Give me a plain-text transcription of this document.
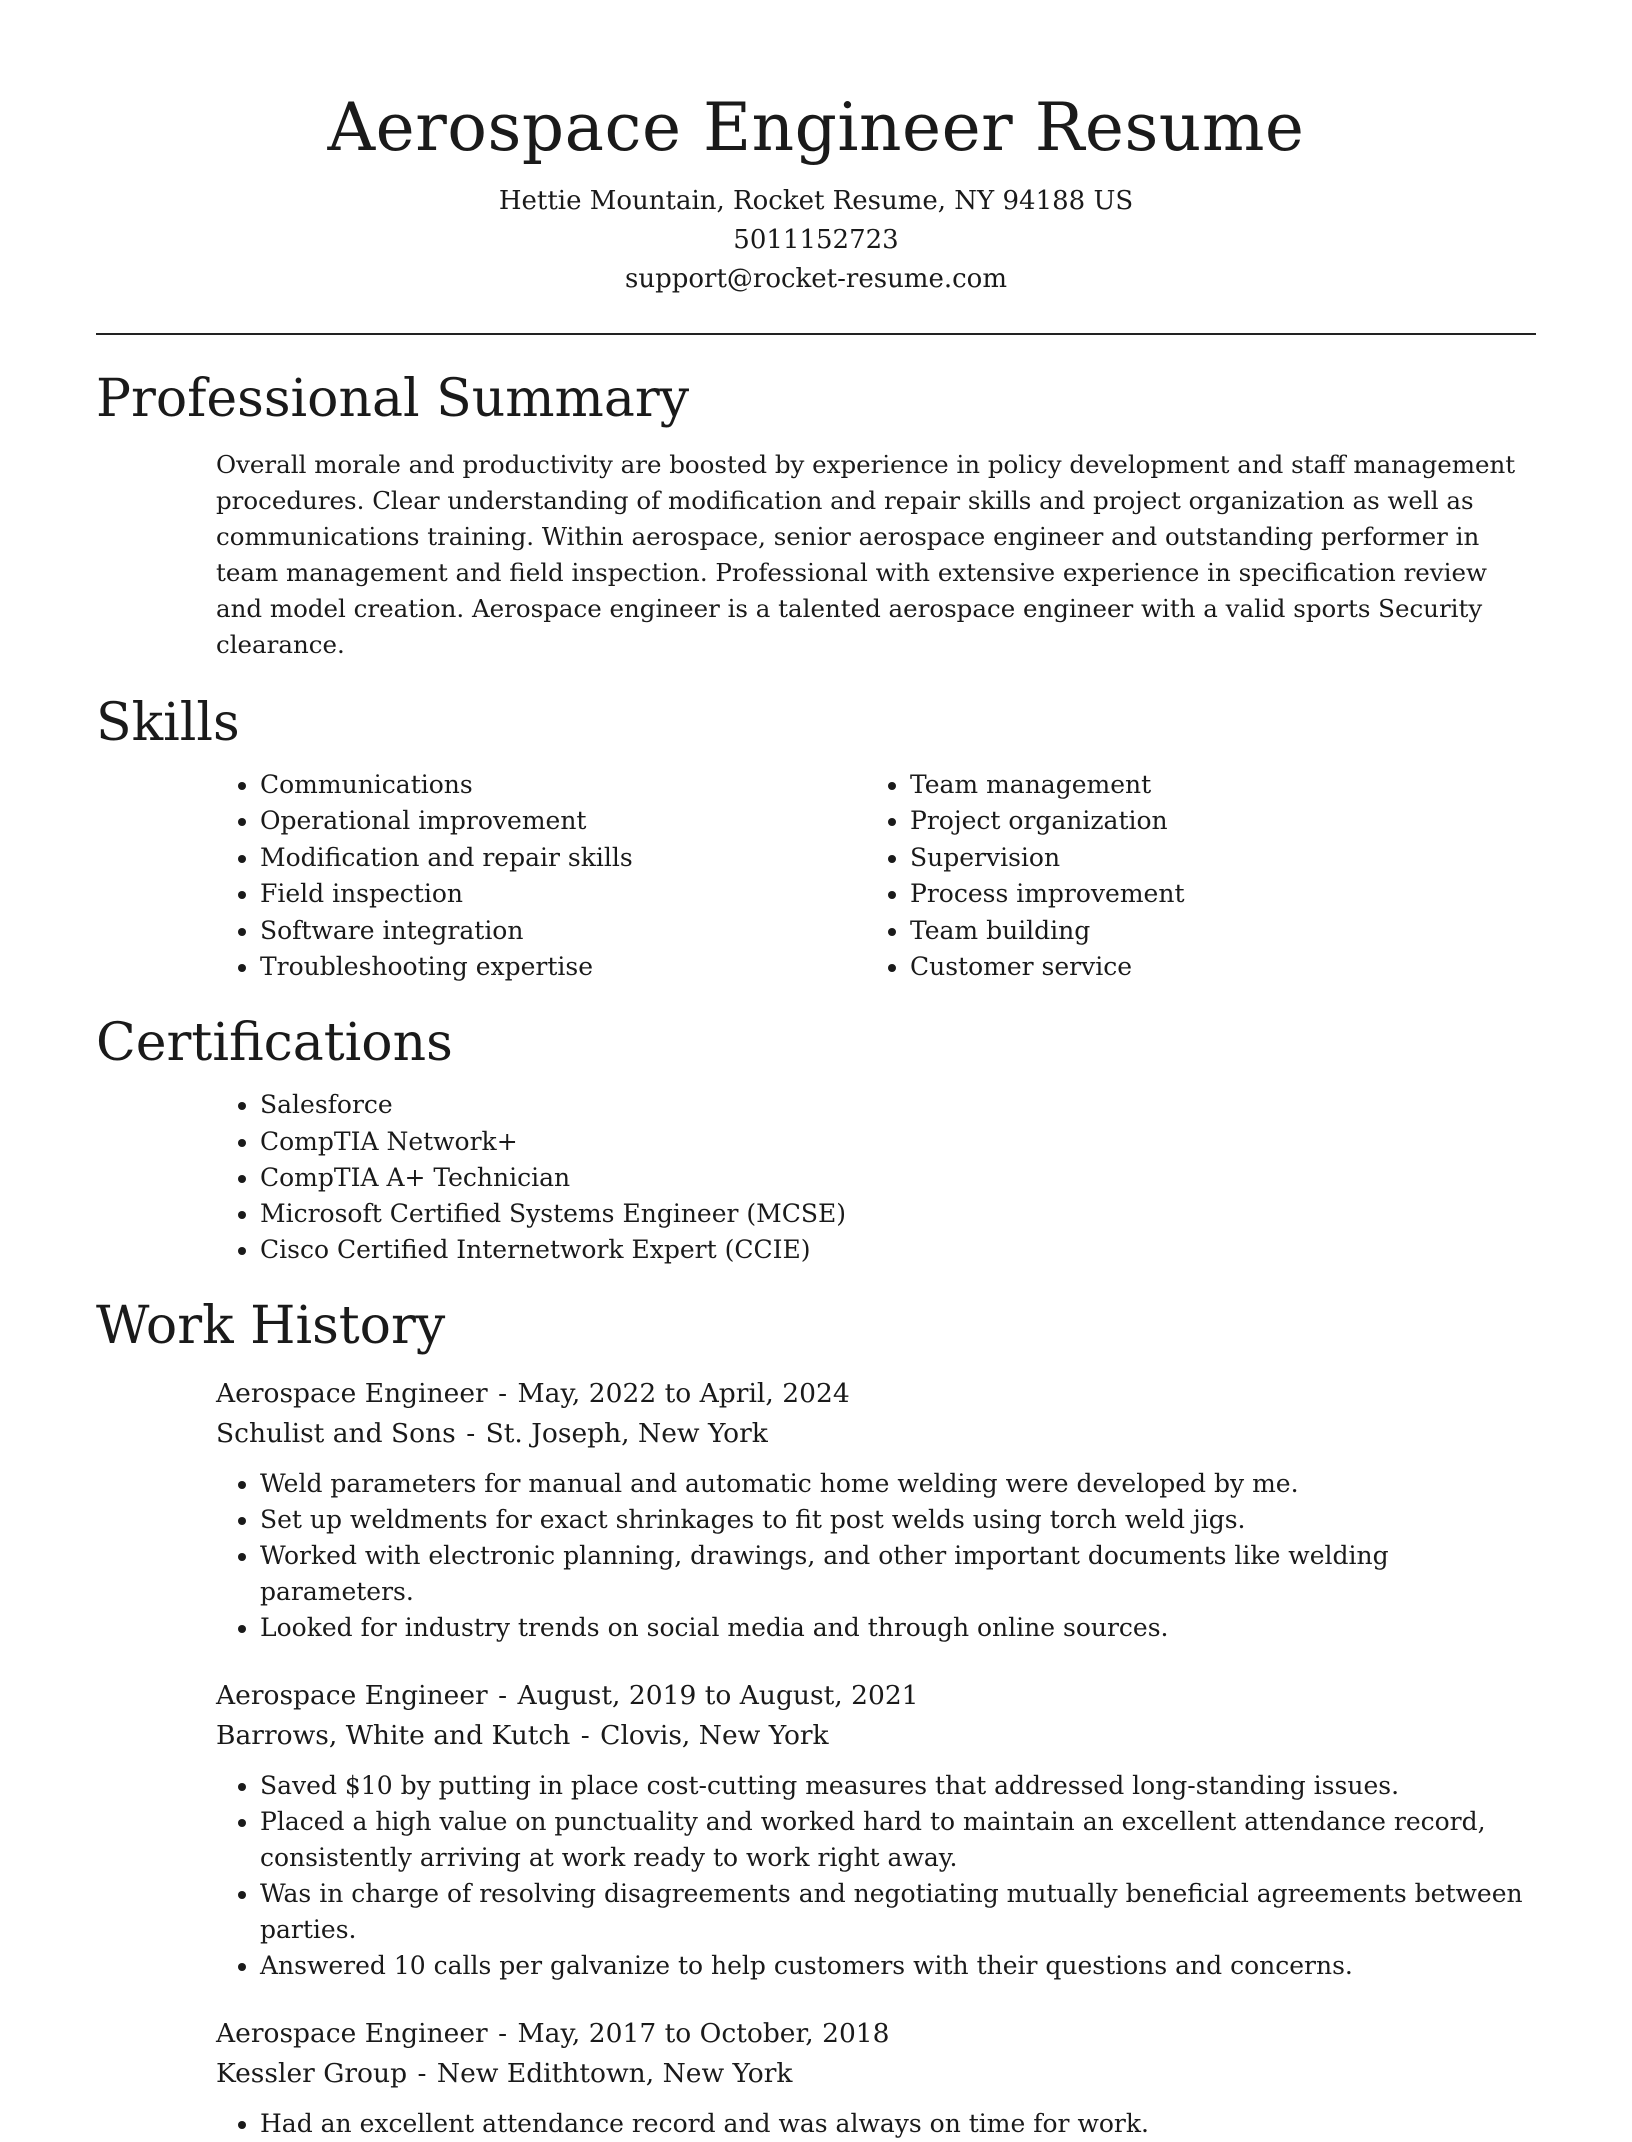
Aerospace Engineer Resume

Hettie Mountain, Rocket Resume, NY 94188 US

5011152723

support@rocket-resume.com

Professional Summary

Overall morale and productivity are boosted by experience in policy development and staff management procedures. Clear understanding of modification and repair skills and project organization as well as communications training. Within aerospace, senior aerospace engineer and outstanding performer in team management and field inspection. Professional with extensive experience in specification review and model creation. Aerospace engineer is a talented aerospace engineer with a valid sports Security clearance.

Skills
• Communications
• Operational improvement
• Modification and repair skills
• Field inspection
• Software integration
• Troubleshooting expertise
• Team management
• Project organization
• Supervision
• Process improvement
• Team building
• Customer service
Certifications
• Salesforce
• CompTIA Network+
• CompTIA A+ Technician
• Microsoft Certified Systems Engineer (MCSE)
• Cisco Certified Internetwork Expert (CCIE)
Work History

Aerospace Engineer - May, 2022 to April, 2024

Schulist and Sons - St. Joseph, New York

• Weld parameters for manual and automatic home welding were developed by me.
• Set up weldments for exact shrinkages to fit post welds using torch weld jigs.
• Worked with electronic planning, drawings, and other important documents like welding parameters.
• Looked for industry trends on social media and through online sources.

Aerospace Engineer - August, 2019 to August, 2021

Barrows, White and Kutch - Clovis, New York

• Saved $10 by putting in place cost-cutting measures that addressed long-standing issues.
• Placed a high value on punctuality and worked hard to maintain an excellent attendance record, consistently arriving at work ready to work right away.
• Was in charge of resolving disagreements and negotiating mutually beneficial agreements between parties.
• Answered 10 calls per galvanize to help customers with their questions and concerns.

Aerospace Engineer - May, 2017 to October, 2018

Kessler Group - New Edithtown, New York

• Had an excellent attendance record and was always on time for work.
